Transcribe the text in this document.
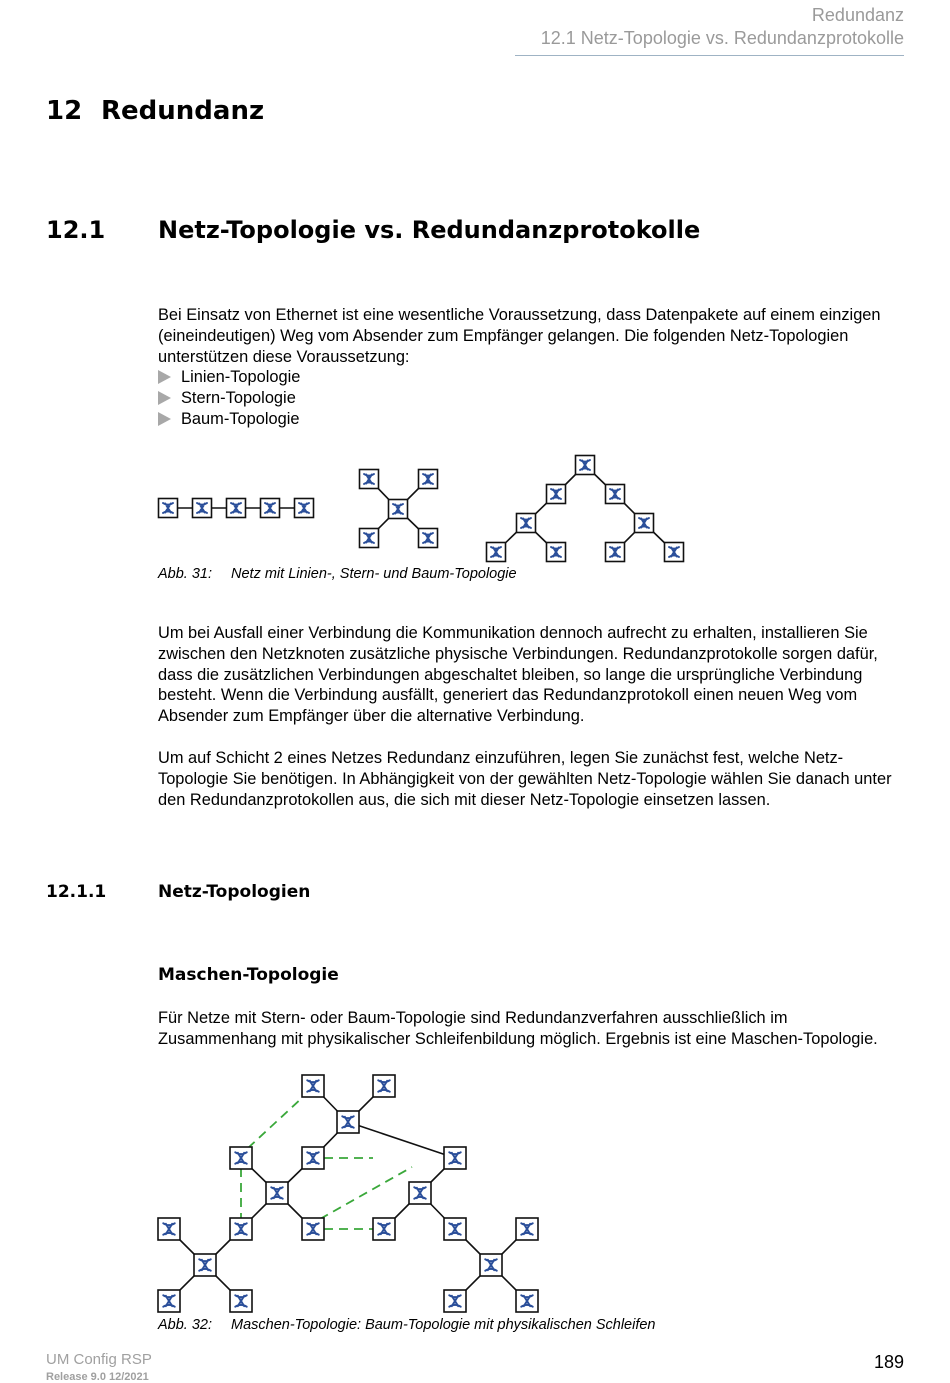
Redundanz
12.1 Netz-Topologie vs. Redundanzprotokolle
12 Redundanz
12.1 Netz-Topologie vs. Redundanzprotokolle
Bei Einsatz von Ethernet ist eine wesentliche Voraussetzung, dass Datenpakete auf einem einzigen (eineindeutigen) Weg vom Absender zum Empfänger gelangen. Die folgenden Netz-Topologien unterstützen diese Voraussetzung:
Linien-Topologie
Stern-Topologie
Baum-Topologie
Abb. 31: Netz mit Linien-, Stern- und Baum-Topologie
Um bei Ausfall einer Verbindung die Kommunikation dennoch aufrecht zu erhalten, installieren Sie zwischen den Netzknoten zusätzliche physische Verbindungen. Redundanzprotokolle sorgen dafür, dass die zusätzlichen Verbindungen abgeschaltet bleiben, so lange die ursprüngliche Verbindung besteht. Wenn die Verbindung ausfällt, generiert das Redundanzprotokoll einen neuen Weg vom Absender zum Empfänger über die alternative Verbindung.
Um auf Schicht 2 eines Netzes Redundanz einzuführen, legen Sie zunächst fest, welche Netz-Topologie Sie benötigen. In Abhängigkeit von der gewählten Netz-Topologie wählen Sie danach unter den Redundanzprotokollen aus, die sich mit dieser Netz-Topologie einsetzen lassen.
12.1.1	Netz-Topologien
Maschen-Topologie
Für Netze mit Stern- oder Baum-Topologie sind Redundanzverfahren ausschließlich im Zusammenhang mit physikalischer Schleifenbildung möglich. Ergebnis ist eine Maschen-Topologie.
Abb. 32: Maschen-Topologie: Baum-Topologie mit physikalischen Schleifen
UM Config RSP
Release 9.0 12/2021
189
